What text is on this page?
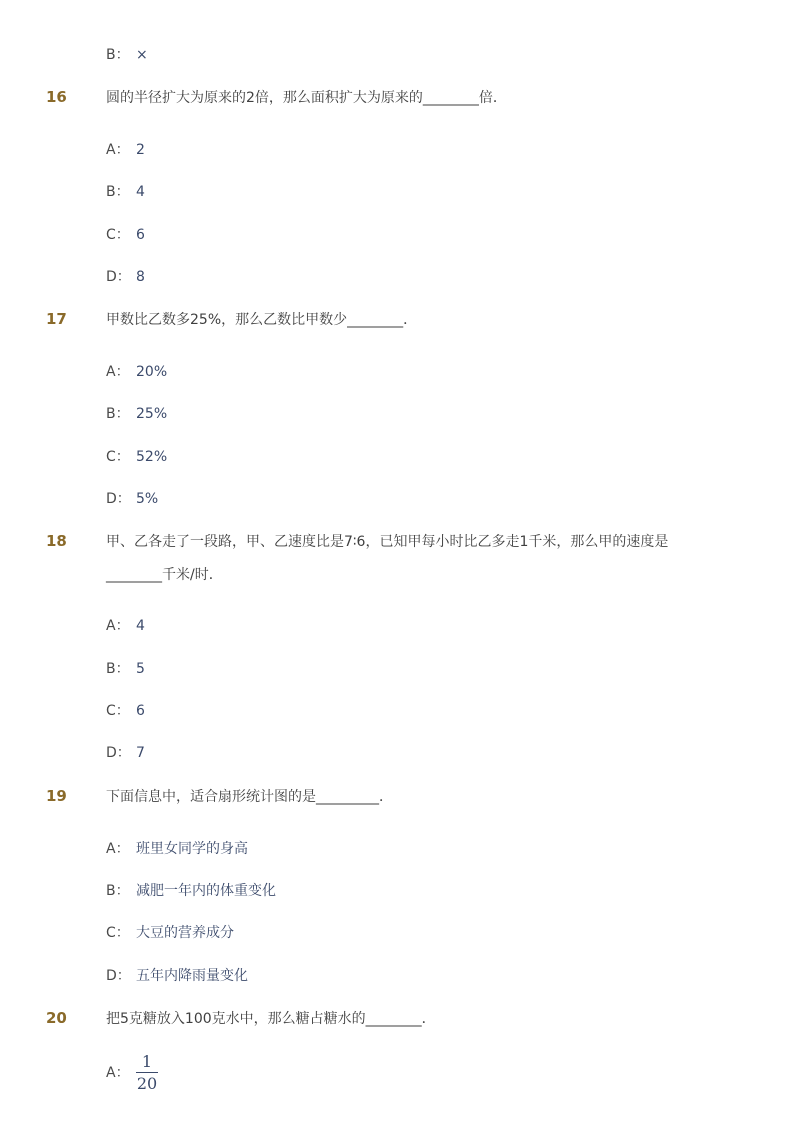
B： ×
16	圆的半径扩大为原来的2倍，那么面积扩大为原来的________倍．
A： 2
B： 4
C： 6
D： 8
17	甲数比乙数多25%，那么乙数比甲数少________．
A： 20%
B： 25%
C： 52%
D： 5%
18	甲、乙各走了一段路，甲、乙速度比是7∶6，已知甲每小时比乙多走1千米，那么甲的速度是
________千米/时．
A： 4
B： 5
C： 6
D： 7
19	下面信息中，适合扇形统计图的是_________．
A： 班里女同学的身高
B： 减肥一年内的体重变化
C： 大豆的营养成分
D： 五年内降雨量变化
20	把5克糖放入100克水中，那么糖占糖水的________．
A： $\frac{1}{20}$
